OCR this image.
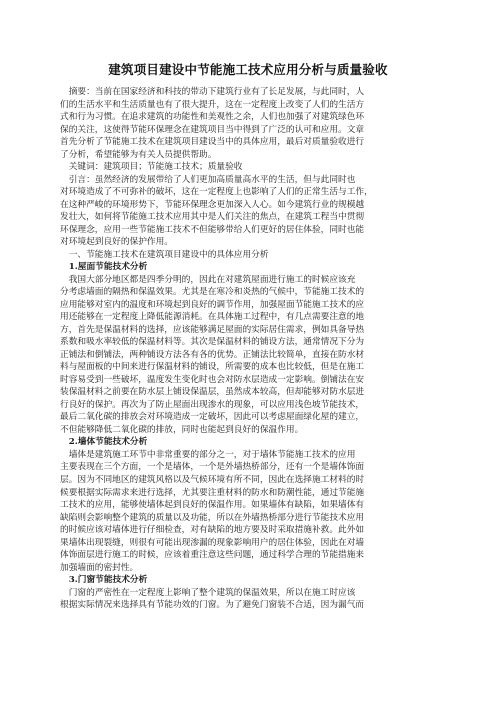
建筑项目建设中节能施工技术应用分析与质量验收
　摘要：当前在国家经济和科技的带动下建筑行业有了长足发展，与此同时，人
们的生活水平和生活质量也有了很大提升，这在一定程度上改变了人们的生活方
式和行为习惯。在追求建筑的功能性和美观性之余，人们也加强了对建筑绿色环
保的关注，这使得节能环保理念在建筑项目当中得到了广泛的认可和应用。文章
首先分析了节能施工技术在建筑项目建设当中的具体应用，最后对质量验收进行
了分析，希望能够为有关人员提供帮助。
　关键词：建筑项目；节能施工技术；质量验收
　引言：虽然经济的发展带给了人们更加高质量高水平的生活，但与此同时也
对环境造成了不可弥补的破坏，这在一定程度上也影响了人们的正常生活与工作，
在这种严峻的环境形势下，节能环保理念更加深入人心。如今建筑行业的规模越
发壮大，如何将节能施工技术应用其中是人们关注的焦点，在建筑工程当中贯彻
环保理念，应用一些节能施工技术不但能够带给人们更好的居住体验，同时也能
对环境起到良好的保护作用。
　一、节能施工技术在建筑项目建设中的具体应用分析
　1.屋面节能技术分析
　我国大部分地区都是四季分明的，因此在对建筑屋面进行施工的时候应该充
分考虑墙面的隔热和保温效果。尤其是在寒冷和炎热的气候中，节能施工技术的
应用能够对室内的温度和环境起到良好的调节作用，加强屋面节能施工技术的应
用还能够在一定程度上降低能源消耗。在具体施工过程中，有几点需要注意的地
方，首先是保温材料的选择，应该能够满足屋面的实际居住需求，例如具备导热
系数和吸水率较低的保温材料等。其次是保温材料的铺设方法，通常情况下分为
正铺法和倒铺法，两种铺设方法各有各的优势。正铺法比较简单，直接在防水材
料与屋面板的中间来进行保温材料的铺设，所需要的成本也比较低，但是在施工
时容易受到一些破坏，温度发生变化时也会对防水层造成一定影响。倒铺法在安
装保温材料之前要在防水层上铺设保温层，虽然成本较高，但却能够对防水层进
行良好的保护。再次为了防止屋面出现渗水的现象，可以应用浅色坡节能技术，
最后二氧化碳的排放会对环境造成一定破坏，因此可以考虑屋面绿化屋的建立，
不但能够降低二氧化碳的排放，同时也能起到良好的保温作用。
　2.墙体节能技术分析
　墙体是建筑施工环节中非常重要的部分之一，对于墙体节能施工技术的应用
主要表现在三个方面，一个是墙体，一个是外墙热桥部分，还有一个是墙体饰面
层。因为不同地区的建筑风格以及气候环境有所不同，因此在选择施工材料的时
候要根据实际需求来进行选择，尤其要注重材料的防水和防潮性能，通过节能施
工技术的应用，能够使墙体起到良好的保温作用。如果墙体有缺陷，如果墙体有
缺陷则会影响整个建筑的质量以及功能，所以在外墙热桥部分进行节能技术应用
的时候应该对墙体进行仔细检查，对有缺陷的地方要及时采取措施补救。此外如
果墙体出现裂缝，则很有可能出现渗漏的现象影响用户的居住体验，因此在对墙
体饰面层进行施工的时候，应该着重注意这些问题，通过科学合理的节能措施来
加强墙面的密封性。
　3.门窗节能技术分析
　门窗的严密性在一定程度上影响了整个建筑的保温效果，所以在施工时应该
根据实际情况来选择具有节能功效的门窗。为了避免门窗装不合适，因为漏气而
